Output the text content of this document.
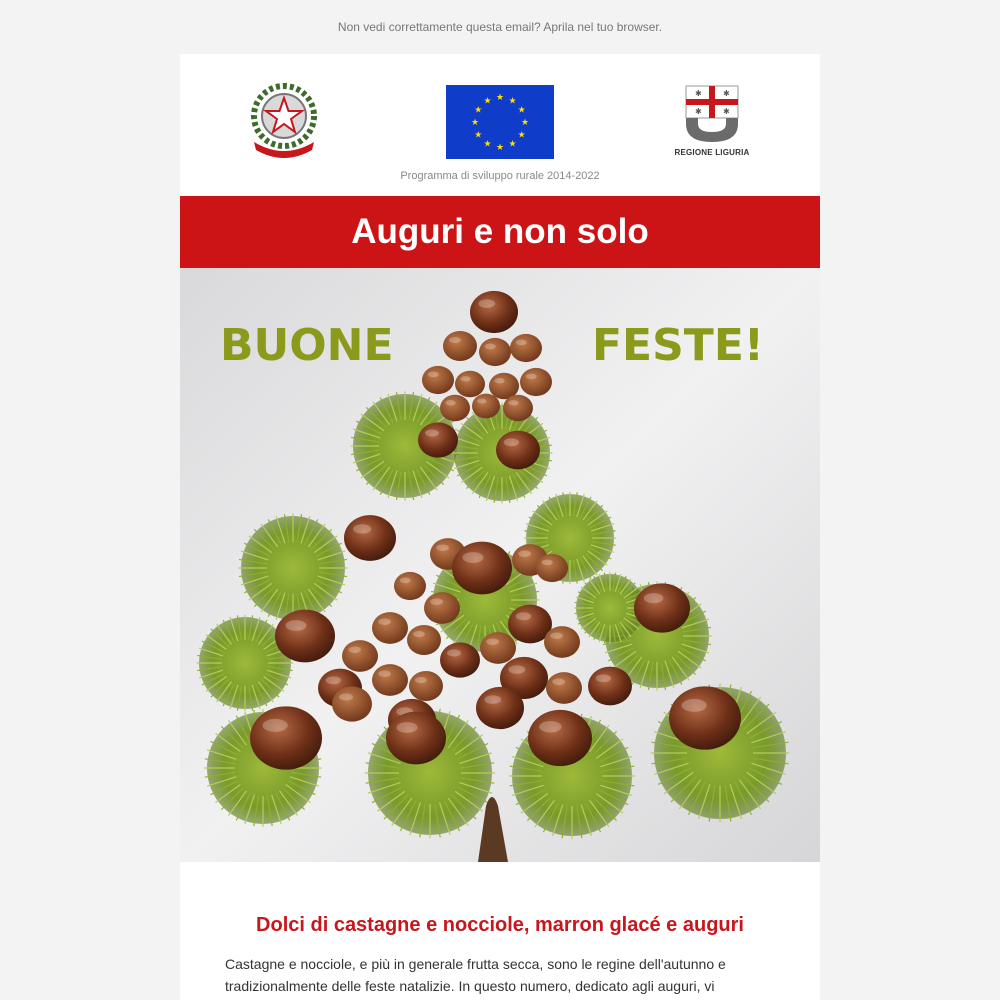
Non vedi correttamente questa email? Aprila nel tuo browser.
★ ★
★
★
★
★
★
★
★
★
★
★
✱	✱
✱	✱
REGIONE LIGURIA
Programma di sviluppo rurale 2014-2022
Auguri e non solo
BUONE	FESTE!
Dolci di castagne e nocciole, marron glacé e auguri
Castagne e nocciole, e più in generale frutta secca, sono le regine dell'autunno e tradizionalmente delle feste natalizie. In questo numero, dedicato agli auguri, vi
